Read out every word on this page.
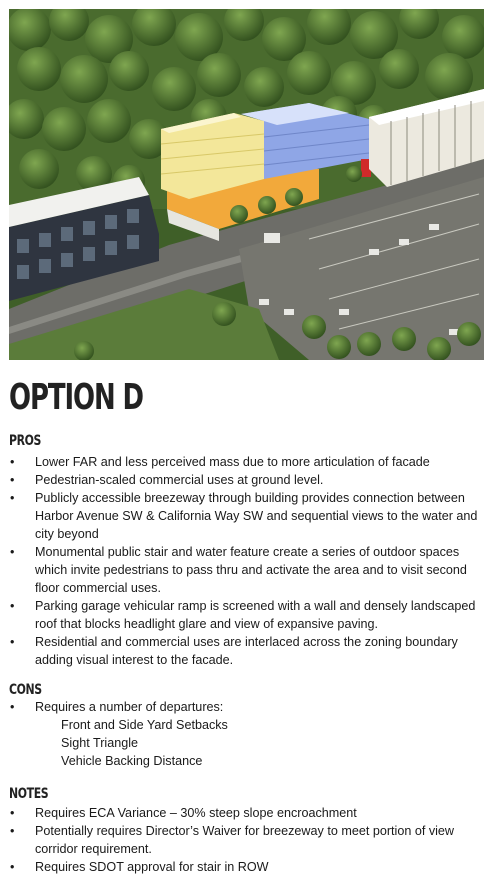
OPTION D
PROS
• Lower FAR and less perceived mass due to more articulation of facade
• Pedestrian-scaled commercial uses at ground level.
• Publicly accessible breezeway through building provides connection between Harbor Avenue SW & California Way SW and sequential views to the water and city beyond
• Monumental public stair and water feature create a series of outdoor spaces which invite pedestrians to pass thru and activate the area and to visit second floor commercial uses.
• Parking garage vehicular ramp is screened with a wall and densely landscaped roof that blocks headlight glare and view of expansive paving.
• Residential and commercial uses are interlaced across the zoning boundary adding visual interest to the facade.
CONS
• Requires a number of departures:
Front and Side Yard Setbacks
Sight Triangle
Vehicle Backing Distance
NOTES
• Requires ECA Variance – 30% steep slope encroachment
• Potentially requires Director’s Waiver for breezeway to meet portion of view corridor requirement.
• Requires SDOT approval for stair in ROW
